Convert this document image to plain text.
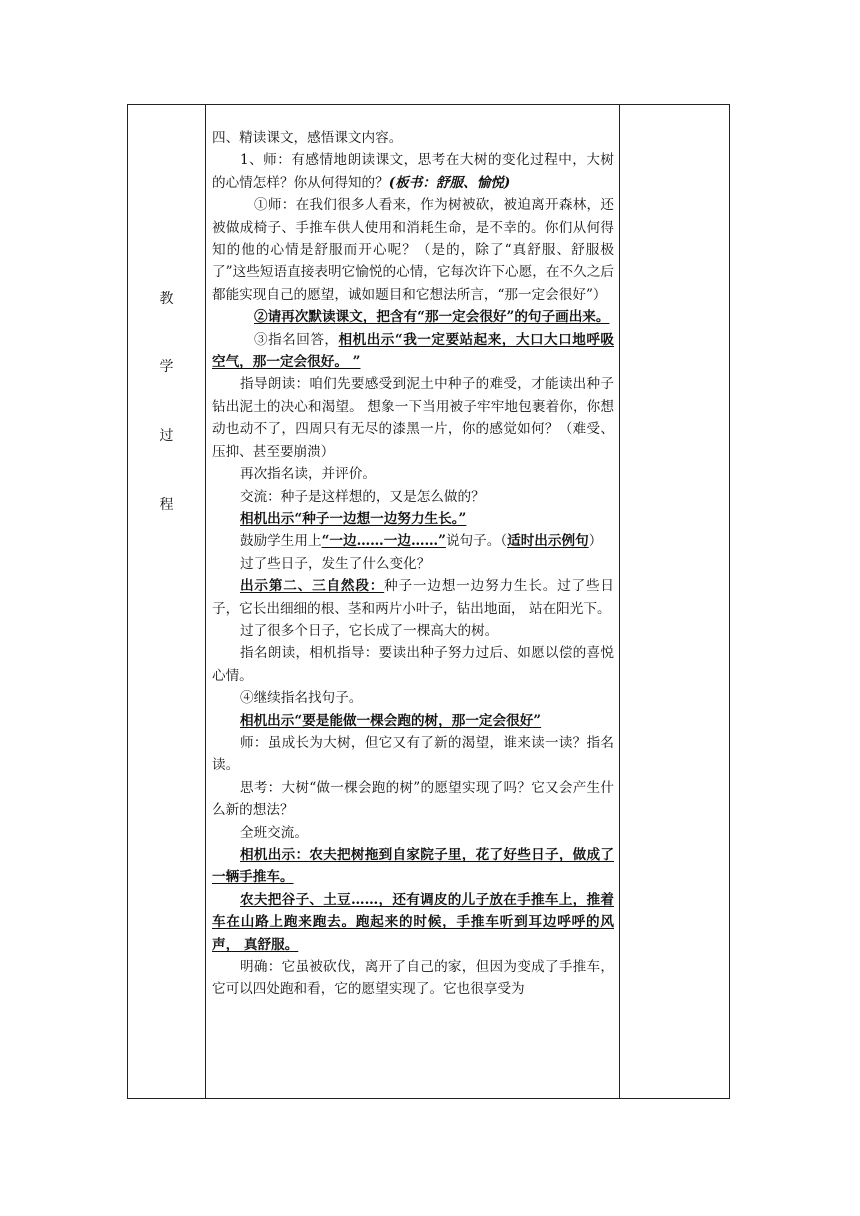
教
学
过
程

四、精读课文，感悟课文内容。

1、师：有感情地朗读课文，思考在大树的变化过程中，大树的心情怎样？你从何得知的？(板书：舒服、愉悦)

①师：在我们很多人看来，作为树被砍，被迫离开森林，还被做成椅子、手推车供人使用和消耗生命，是不幸的。你们从何得知的他的心情是舒服而开心呢？（是的，除了“真舒服、舒服极了”这些短语直接表明它愉悦的心情，它每次许下心愿，在不久之后都能实现自己的愿望，诚如题目和它想法所言，“那一定会很好”）

②请再次默读课文，把含有“那一定会很好”的句子画出来。

③指名回答，相机出示“我一定要站起来，大口大口地呼吸空气，那一定会很好。 ”

指导朗读：咱们先要感受到泥土中种子的难受，才能读出种子钻出泥土的决心和渴望。 想象一下当用被子牢牢地包裹着你，你想动也动不了，四周只有无尽的漆黑一片，你的感觉如何？（难受、压抑、甚至要崩溃）

再次指名读，并评价。

交流：种子是这样想的，又是怎么做的？

相机出示“种子一边想一边努力生长。”

鼓励学生用上“一边……一边……”说句子。（适时出示例句）

过了些日子，发生了什么变化？

出示第二、三自然段：种子一边想一边努力生长。过了些日子，它长出细细的根、茎和两片小叶子，钻出地面， 站在阳光下。

过了很多个日子，它长成了一棵高大的树。

指名朗读，相机指导：要读出种子努力过后、如愿以偿的喜悦心情。

④继续指名找句子。

相机出示“要是能做一棵会跑的树，那一定会很好”

师：虽成长为大树，但它又有了新的渴望，谁来读一读？指名读。

思考：大树“做一棵会跑的树”的愿望实现了吗？它又会产生什么新的想法？

全班交流。

相机出示：农夫把树拖到自家院子里，花了好些日子，做成了一辆手推车。

农夫把谷子、土豆……，还有调皮的儿子放在手推车上，推着车在山路上跑来跑去。跑起来的时候，手推车听到耳边呼呼的风声， 真舒服。

明确：它虽被砍伐，离开了自己的家，但因为变成了手推车，它可以四处跑和看，它的愿望实现了。它也很享受为
